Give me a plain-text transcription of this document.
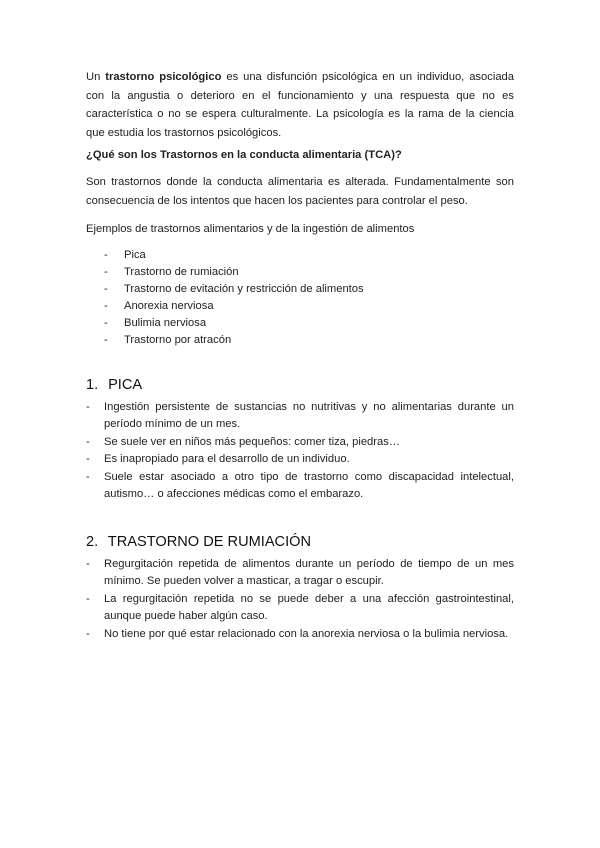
Un trastorno psicológico es una disfunción psicológica en un individuo, asociada con la angustia o deterioro en el funcionamiento y una respuesta que no es característica o no se espera culturalmente. La psicología es la rama de la ciencia que estudia los trastornos psicológicos.

¿Qué son los Trastornos en la conducta alimentaria (TCA)?

Son trastornos donde la conducta alimentaria es alterada. Fundamentalmente son consecuencia de los intentos que hacen los pacientes para controlar el peso.

Ejemplos de trastornos alimentarios y de la ingestión de alimentos

- Pica
- Trastorno de rumiación
- Trastorno de evitación y restricción de alimentos
- Anorexia nerviosa
- Bulimia nerviosa
- Trastorno por atracón
1. PICA
- Ingestión persistente de sustancias no nutritivas y no alimentarias durante un período mínimo de un mes.
- Se suele ver en niños más pequeños: comer tiza, piedras…
- Es inapropiado para el desarrollo de un individuo.
- Suele estar asociado a otro tipo de trastorno como discapacidad intelectual, autismo… o afecciones médicas como el embarazo.
2. TRASTORNO DE RUMIACIÓN
- Regurgitación repetida de alimentos durante un período de tiempo de un mes mínimo. Se pueden volver a masticar, a tragar o escupir.
- La regurgitación repetida no se puede deber a una afección gastrointestinal, aunque puede haber algún caso.
- No tiene por qué estar relacionado con la anorexia nerviosa o la bulimia nerviosa.
